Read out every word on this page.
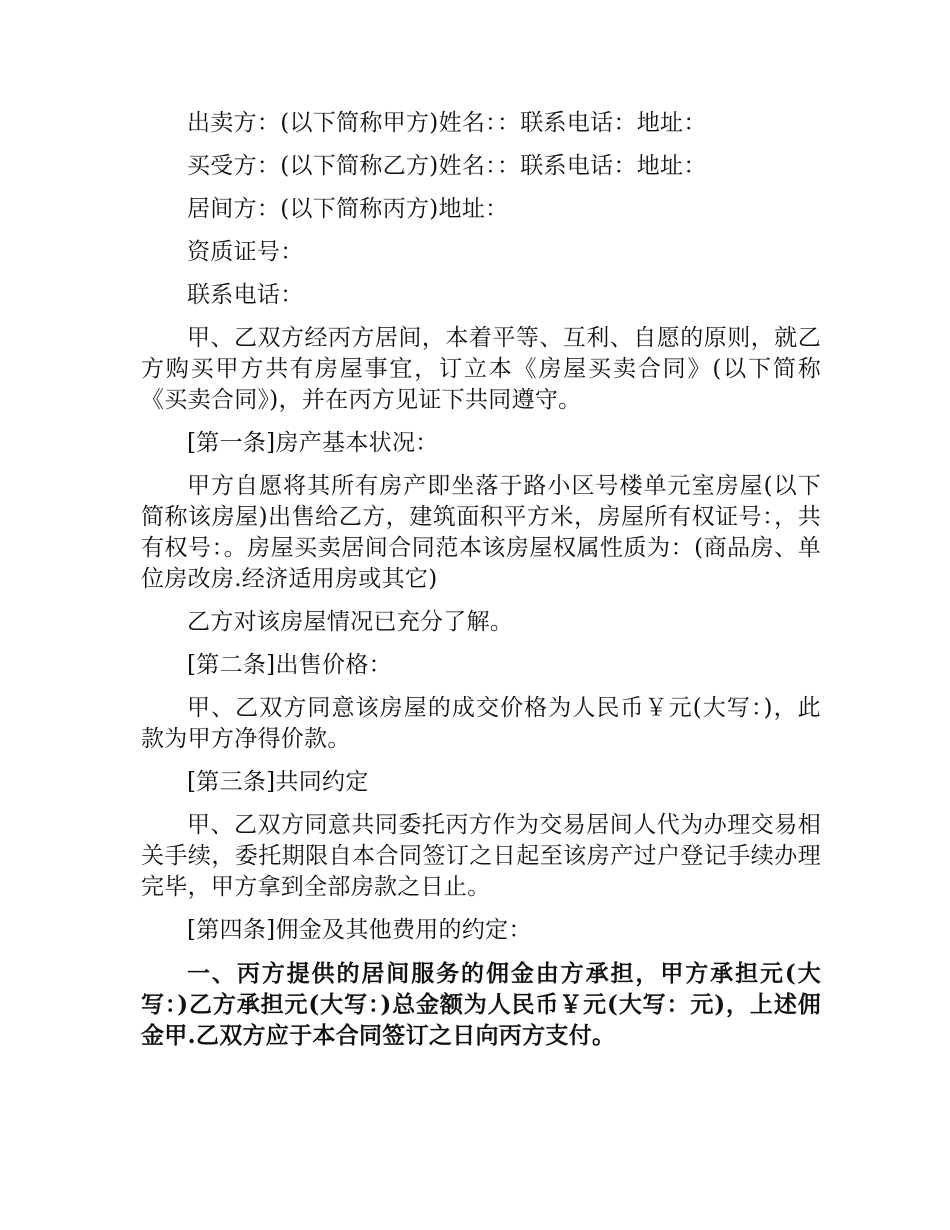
出卖方：(以下简称甲方)姓名：：联系电话：地址：

买受方：(以下简称乙方)姓名：：联系电话：地址：

居间方：(以下简称丙方)地址：

资质证号：

联系电话：

甲、乙双方经丙方居间，本着平等、互利、自愿的原则，就乙方购买甲方共有房屋事宜，订立本《房屋买卖合同》(以下简称《买卖合同》)，并在丙方见证下共同遵守。

[第一条]房产基本状况：

甲方自愿将其所有房产即坐落于路小区号楼单元室房屋(以下简称该房屋)出售给乙方，建筑面积平方米，房屋所有权证号：，共有权号：。房屋买卖居间合同范本该房屋权属性质为：(商品房、单位房改房.经济适用房或其它)

乙方对该房屋情况已充分了解。

[第二条]出售价格：

甲、乙双方同意该房屋的成交价格为人民币￥元(大写：)，此款为甲方净得价款。

[第三条]共同约定

甲、乙双方同意共同委托丙方作为交易居间人代为办理交易相关手续，委托期限自本合同签订之日起至该房产过户登记手续办理完毕，甲方拿到全部房款之日止。

[第四条]佣金及其他费用的约定：

一、丙方提供的居间服务的佣金由方承担，甲方承担元(大写：)乙方承担元(大写：)总金额为人民币￥元(大写：元)，上述佣金甲.乙双方应于本合同签订之日向丙方支付。
